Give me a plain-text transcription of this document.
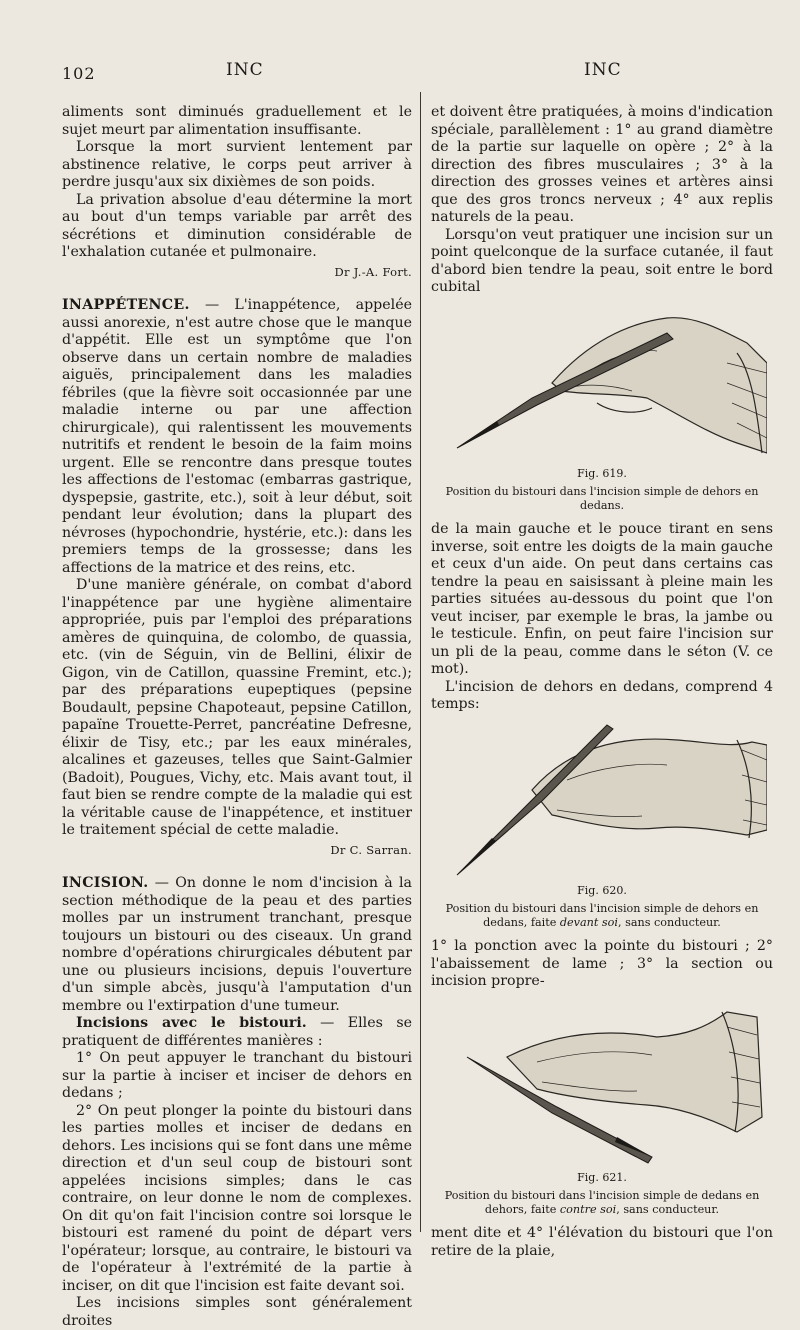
102	INC	INC

aliments sont diminués graduellement et le sujet meurt par alimentation insuffisante.

Lorsque la mort survient lentement par abstinence relative, le corps peut arriver à perdre jusqu'aux six dixièmes de son poids.

La privation absolue d'eau détermine la mort au bout d'un temps variable par arrêt des sécrétions et diminution considérable de l'exhalation cutanée et pulmonaire.

Dr J.-A. Fort.

INAPPÉTENCE. — L'inappétence, appelée aussi anorexie, n'est autre chose que le manque d'appétit. Elle est un symptôme que l'on observe dans un certain nombre de maladies aiguës, principalement dans les maladies fébriles (que la fièvre soit occasionnée par une maladie interne ou par une affection chirurgicale), qui ralentissent les mouvements nutritifs et rendent le besoin de la faim moins urgent. Elle se rencontre dans presque toutes les affections de l'estomac (embarras gastrique, dyspepsie, gastrite, etc.), soit à leur début, soit pendant leur évolution; dans la plupart des névroses (hypochondrie, hystérie, etc.): dans les premiers temps de la grossesse; dans les affections de la matrice et des reins, etc.

D'une manière générale, on combat d'abord l'inappétence par une hygiène alimentaire appropriée, puis par l'emploi des préparations amères de quinquina, de colombo, de quassia, etc. (vin de Séguin, vin de Bellini, élixir de Gigon, vin de Catillon, quassine Fremint, etc.); par des préparations eupeptiques (pepsine Boudault, pepsine Chapoteaut, pepsine Catillon, papaïne Trouette-Perret, pancréatine Defresne, élixir de Tisy, etc.; par les eaux minérales, alcalines et gazeuses, telles que Saint-Galmier (Badoit), Pougues, Vichy, etc. Mais avant tout, il faut bien se rendre compte de la maladie qui est la véritable cause de l'inappétence, et instituer le traitement spécial de cette maladie.

Dr C. Sarran.

INCISION. — On donne le nom d'incision à la section méthodique de la peau et des parties molles par un instrument tranchant, presque toujours un bistouri ou des ciseaux. Un grand nombre d'opérations chirurgicales débutent par une ou plusieurs incisions, depuis l'ouverture d'un simple abcès, jusqu'à l'amputation d'un membre ou l'extirpation d'une tumeur.

Incisions avec le bistouri. — Elles se pratiquent de différentes manières :

1° On peut appuyer le tranchant du bistouri sur la partie à inciser et inciser de dehors en dedans ;

2° On peut plonger la pointe du bistouri dans les parties molles et inciser de dedans en dehors. Les incisions qui se font dans une même direction et d'un seul coup de bistouri sont appelées incisions simples; dans le cas contraire, on leur donne le nom de complexes. On dit qu'on fait l'incision contre soi lorsque le bistouri est ramené du point de départ vers l'opérateur; lorsque, au contraire, le bistouri va de l'opérateur à l'extrémité de la partie à inciser, on dit que l'incision est faite devant soi.

Les incisions simples sont généralement droites

et doivent être pratiquées, à moins d'indication spéciale, parallèlement : 1° au grand diamètre de la partie sur laquelle on opère ; 2° à la direction des fibres musculaires ; 3° à la direction des grosses veines et artères ainsi que des gros troncs nerveux ; 4° aux replis naturels de la peau.

Lorsqu'on veut pratiquer une incision sur un point quelconque de la surface cutanée, il faut d'abord bien tendre la peau, soit entre le bord cubital

Fig. 619.
Position du bistouri dans l'incision simple de dehors en dedans.

de la main gauche et le pouce tirant en sens inverse, soit entre les doigts de la main gauche et ceux d'un aide. On peut dans certains cas tendre la peau en saisissant à pleine main les parties situées au-dessous du point que l'on veut inciser, par exemple le bras, la jambe ou le testicule. Enfin, on peut faire l'incision sur un pli de la peau, comme dans le séton (V. ce mot).

L'incision de dehors en dedans, comprend 4 temps:

Fig. 620.
Position du bistouri dans l'incision simple de dehors en dedans, faite devant soi, sans conducteur.

1° la ponction avec la pointe du bistouri ; 2° l'abaissement de lame ; 3° la section ou incision propre-

Fig. 621.
Position du bistouri dans l'incision simple de dedans en dehors, faite contre soi, sans conducteur.

ment dite et 4° l'élévation du bistouri que l'on retire de la plaie,
